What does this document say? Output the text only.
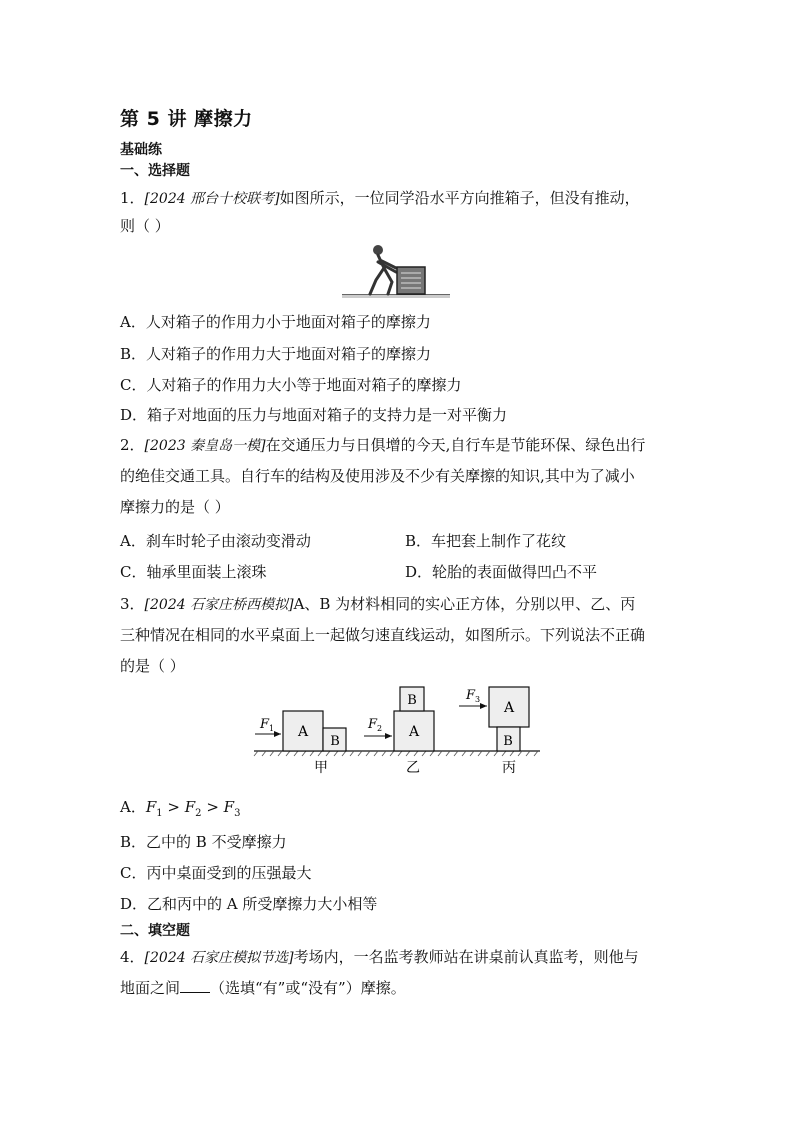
第 5 讲 摩擦力
基础练
一、选择题
1．[2024 邢台十校联考]如图所示，一位同学沿水平方向推箱子，但没有推动，
则（ ）
A．人对箱子的作用力小于地面对箱子的摩擦力
B．人对箱子的作用力大于地面对箱子的摩擦力
C．人对箱子的作用力大小等于地面对箱子的摩擦力
D．箱子对地面的压力与地面对箱子的支持力是一对平衡力
2．[2023 秦皇岛一模]在交通压力与日俱增的今天,自行车是节能环保、绿色出行
的绝佳交通工具。自行车的结构及使用涉及不少有关摩擦的知识,其中为了减小
摩擦力的是（ ）
A．刹车时轮子由滚动变滑动	B．车把套上制作了花纹
C．轴承里面装上滚珠	D．轮胎的表面做得凹凸不平
3．[2024 石家庄桥西模拟]A、B 为材料相同的实心正方体，分别以甲、乙、丙
三种情况在相同的水平桌面上一起做匀速直线运动，如图所示。下列说法不正确
的是（ ）
A
B
F 1
甲
A
B
F 2
乙
A
B
F 3
丙
A．$F_1 > F_2 > F_3$
B．乙中的 B 不受摩擦力
C．丙中桌面受到的压强最大
D．乙和丙中的 A 所受摩擦力大小相等
二、填空题
4．[2024 石家庄模拟节选]考场内，一名监考教师站在讲桌前认真监考，则他与
地面之间 （选填“有”或“没有”）摩擦。
